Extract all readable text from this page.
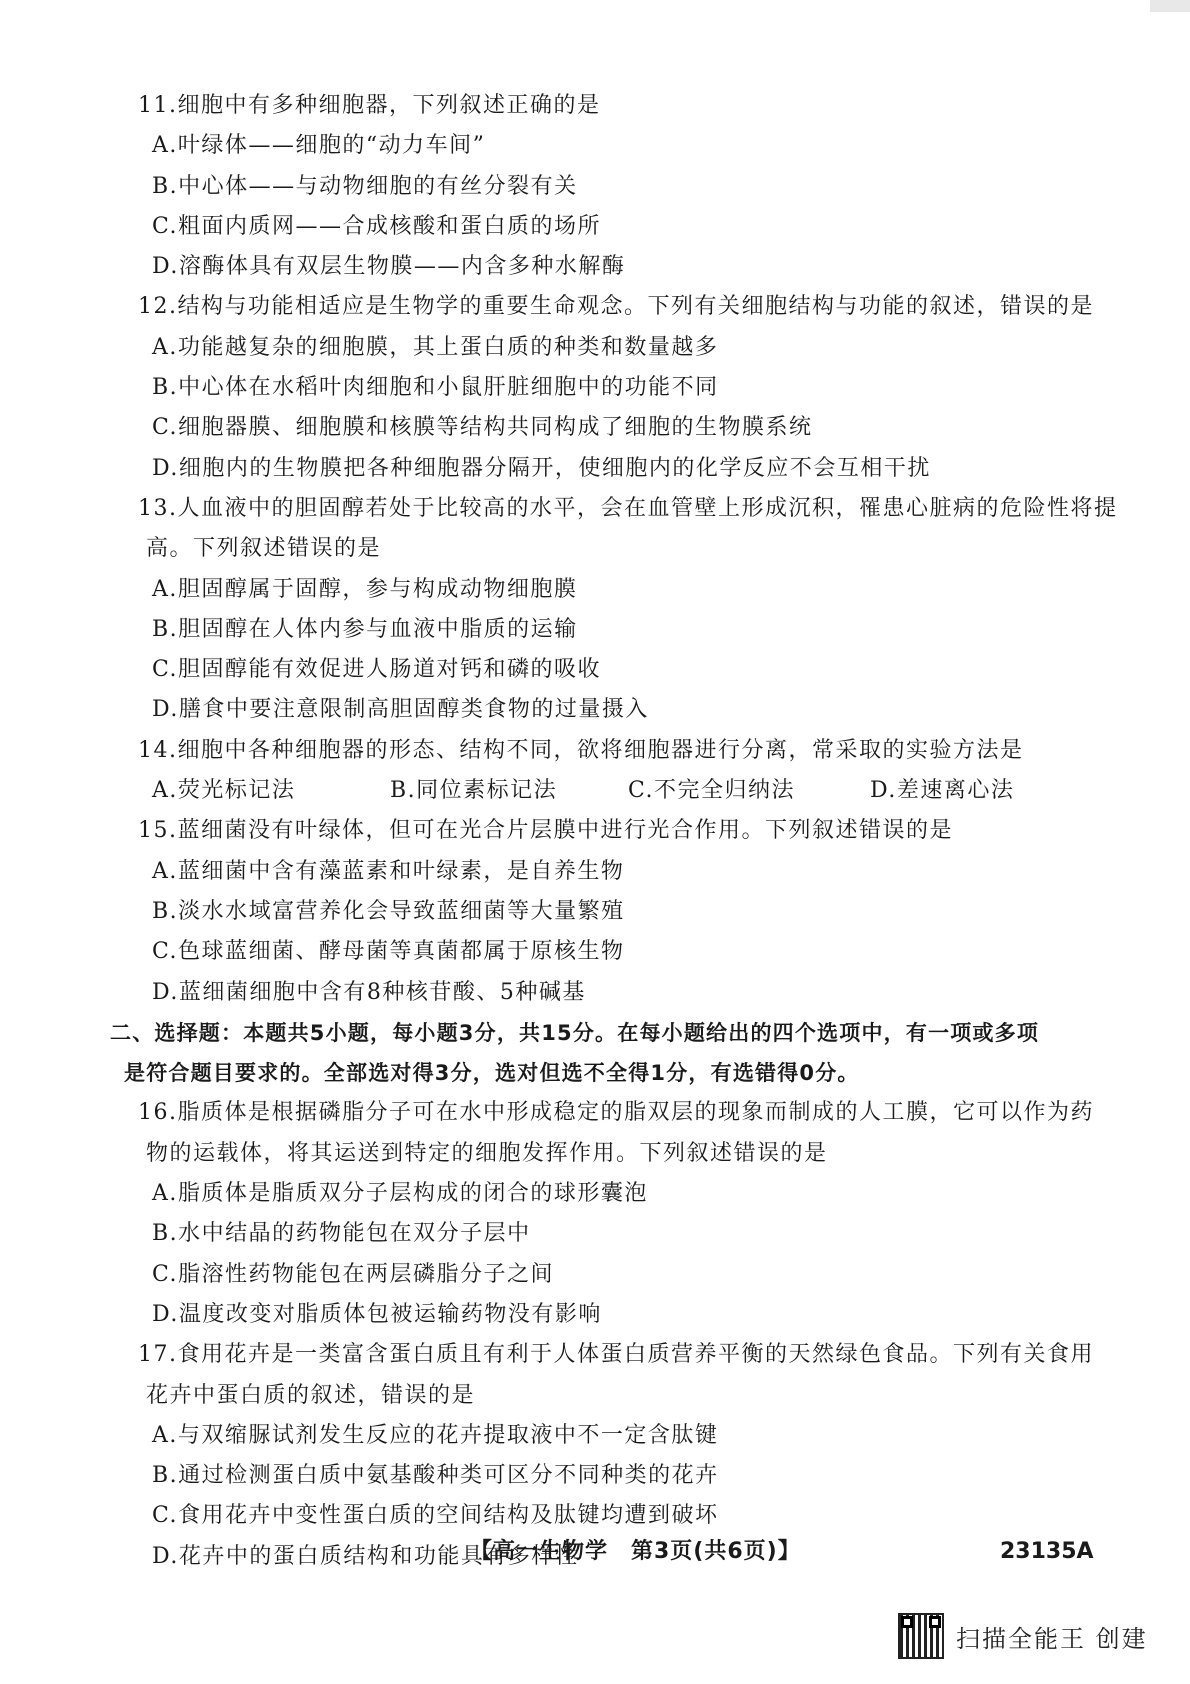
11.细胞中有多种细胞器，下列叙述正确的是
A.叶绿体——细胞的“动力车间”
B.中心体——与动物细胞的有丝分裂有关
C.粗面内质网——合成核酸和蛋白质的场所
D.溶酶体具有双层生物膜——内含多种水解酶
12.结构与功能相适应是生物学的重要生命观念。下列有关细胞结构与功能的叙述，错误的是
A.功能越复杂的细胞膜，其上蛋白质的种类和数量越多
B.中心体在水稻叶肉细胞和小鼠肝脏细胞中的功能不同
C.细胞器膜、细胞膜和核膜等结构共同构成了细胞的生物膜系统
D.细胞内的生物膜把各种细胞器分隔开，使细胞内的化学反应不会互相干扰
13.人血液中的胆固醇若处于比较高的水平，会在血管壁上形成沉积，罹患心脏病的危险性将提
高。下列叙述错误的是
A.胆固醇属于固醇，参与构成动物细胞膜
B.胆固醇在人体内参与血液中脂质的运输
C.胆固醇能有效促进人肠道对钙和磷的吸收
D.膳食中要注意限制高胆固醇类食物的过量摄入
14.细胞中各种细胞器的形态、结构不同，欲将细胞器进行分离，常采取的实验方法是
A.荧光标记法	B.同位素标记法	C.不完全归纳法	D.差速离心法
15.蓝细菌没有叶绿体，但可在光合片层膜中进行光合作用。下列叙述错误的是
A.蓝细菌中含有藻蓝素和叶绿素，是自养生物
B.淡水水域富营养化会导致蓝细菌等大量繁殖
C.色球蓝细菌、酵母菌等真菌都属于原核生物
D.蓝细菌细胞中含有8种核苷酸、5种碱基
二、选择题：本题共5小题，每小题3分，共15分。在每小题给出的四个选项中，有一项或多项
是符合题目要求的。全部选对得3分，选对但选不全得1分，有选错得0分。
16.脂质体是根据磷脂分子可在水中形成稳定的脂双层的现象而制成的人工膜，它可以作为药
物的运载体，将其运送到特定的细胞发挥作用。下列叙述错误的是
A.脂质体是脂质双分子层构成的闭合的球形囊泡
B.水中结晶的药物能包在双分子层中
C.脂溶性药物能包在两层磷脂分子之间
D.温度改变对脂质体包被运输药物没有影响
17.食用花卉是一类富含蛋白质且有利于人体蛋白质营养平衡的天然绿色食品。下列有关食用
花卉中蛋白质的叙述，错误的是
A.与双缩脲试剂发生反应的花卉提取液中不一定含肽键
B.通过检测蛋白质中氨基酸种类可区分不同种类的花卉
C.食用花卉中变性蛋白质的空间结构及肽键均遭到破坏
D.花卉中的蛋白质结构和功能具有多样性
【高一生物学　第3页(共6页)】	23135A
扫描全能王 创建
